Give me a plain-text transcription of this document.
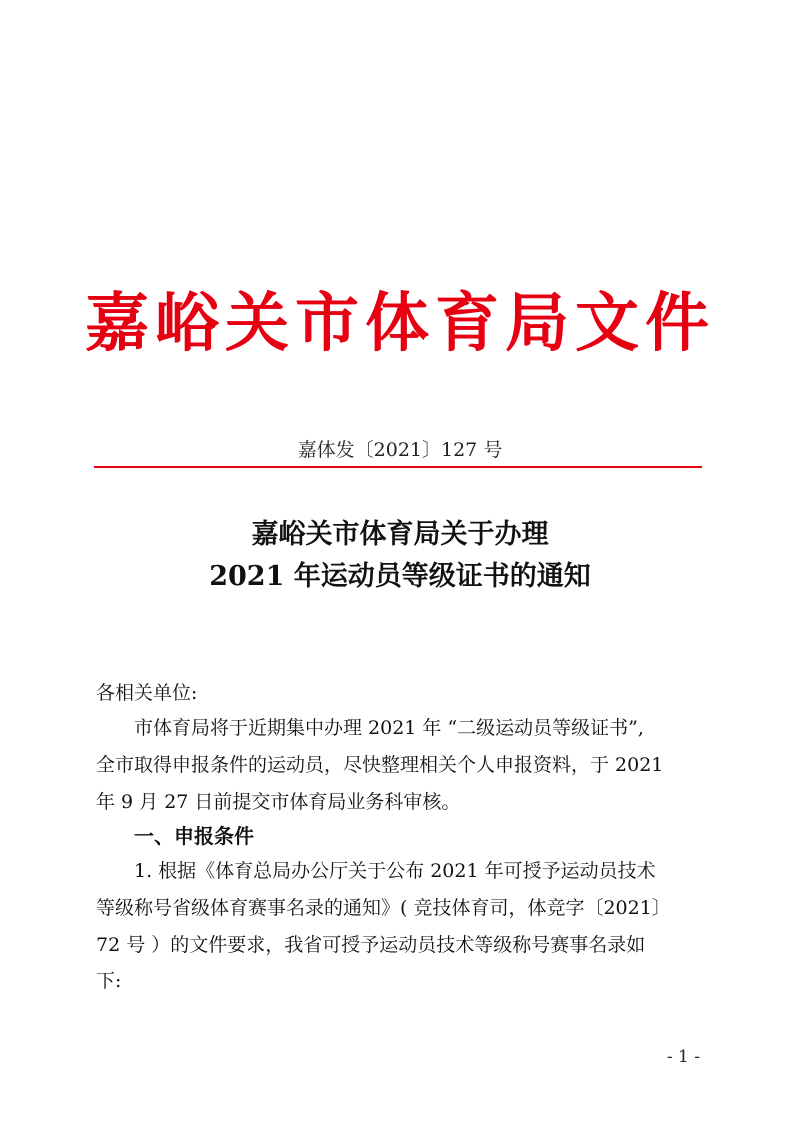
嘉峪关市体育局文件
嘉体发〔2021〕127 号
嘉峪关市体育局关于办理
2021 年运动员等级证书的通知
各相关单位:
市体育局将于近期集中办理 2021 年 “二级运动员等级证书”,
全市取得申报条件的运动员，尽快整理相关个人申报资料，于 2021
年 9 月 27 日前提交市体育局业务科审核。
一、申报条件
1. 根据《体育总局办公厅关于公布 2021 年可授予运动员技术
等级称号省级体育赛事名录的通知》( 竞技体育司，体竞字〔2021〕
72 号 ）的文件要求，我省可授予运动员技术等级称号赛事名录如
下:
- 1 -
